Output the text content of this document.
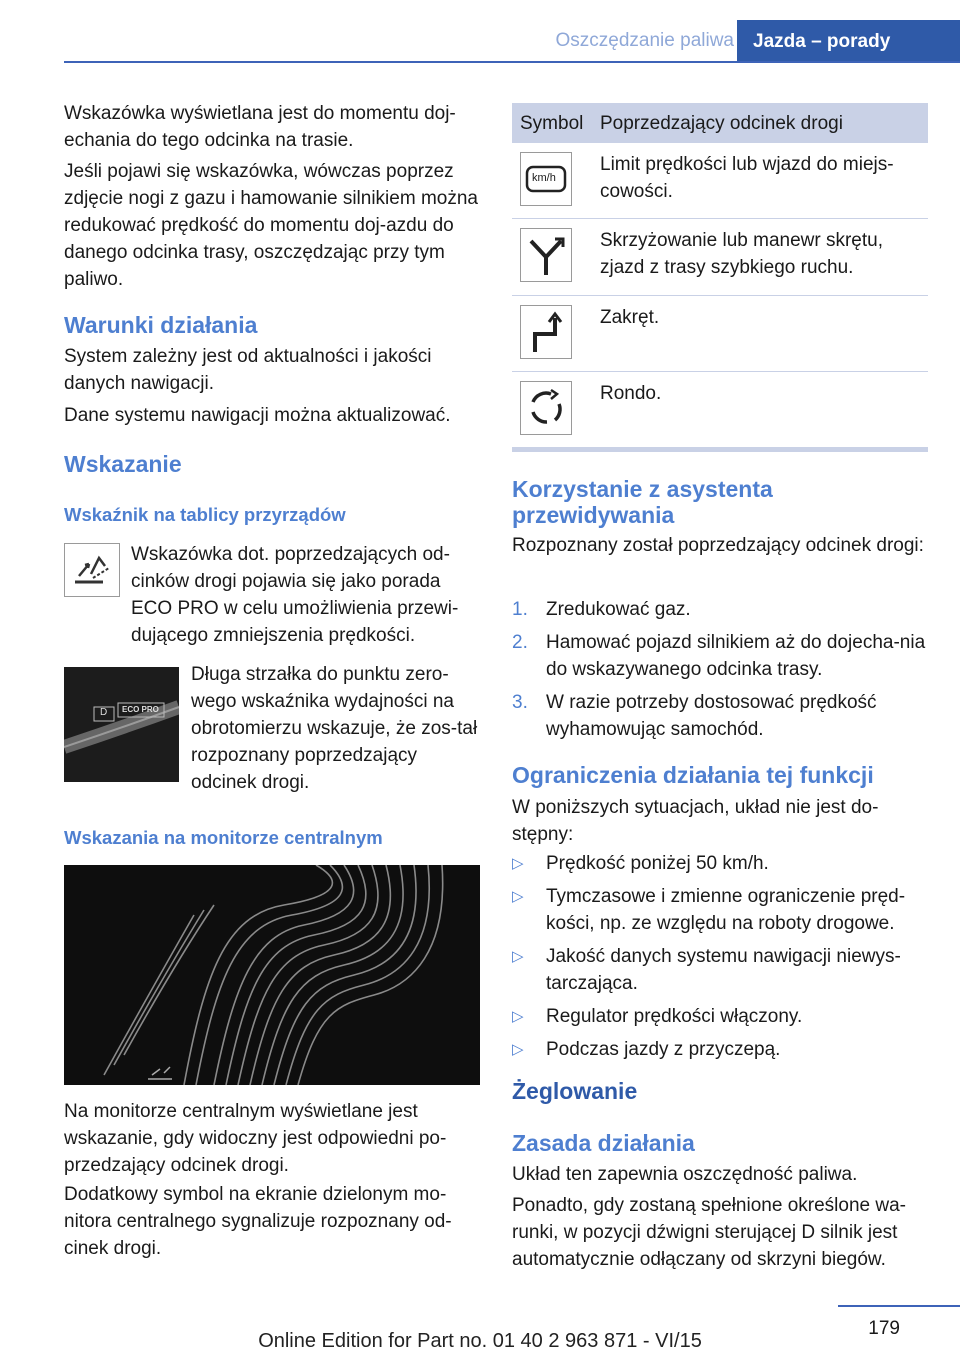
Oszczędzanie paliwa	Jazda – porady

Wskazówka wyświetlana jest do momentu doj‐echania do tego odcinka na trasie.

Jeśli pojawi się wskazówka, wówczas poprzez zdjęcie nogi z gazu i hamowanie silnikiem można redukować prędkość do momentu doj‐azdu do danego odcinka trasy, oszczędzając przy tym paliwo.

Warunki działania

System zależny jest od aktualności i jakości danych nawigacji.

Dane systemu nawigacji można aktualizować.

Wskazanie
Wskaźnik na tablicy przyrządów

Wskazówka dot. poprzedzających od‐cinków drogi pojawia się jako porada ECO PRO w celu umożliwienia przewi‐dującego zmniejszenia prędkości.

D ECO PRO

Długa strzałka do punktu zero‐wego wskaźnika wydajności na obrotomierzu wskazuje, że zos‐tał rozpoznany poprzedzający odcinek drogi.

Wskazania na monitorze centralnym

Na monitorze centralnym wyświetlane jest wskazanie, gdy widoczny jest odpowiedni po‐przedzający odcinek drogi.

Dodatkowy symbol na ekranie dzielonym mo‐nitora centralnego sygnalizuje rozpoznany od‐cinek drogi.

Symbol Poprzedzający odcinek drogi
km/h
Limit prędkości lub wjazd do miejs‐cowości.
Skrzyżowanie lub manewr skrętu, zjazd z trasy szybkiego ruchu.
Zakręt.
Rondo.
Korzystanie z asystenta przewidywania

Rozpoznany został poprzedzający odcinek drogi:

1. Zredukować gaz.
2. Hamować pojazd silnikiem aż do dojecha‐nia do wskazywanego odcinka trasy.
3. W razie potrzeby dostosować prędkość wyhamowując samochód.
Ograniczenia działania tej funkcji

W poniższych sytuacjach, układ nie jest do‐stępny:

▷ Prędkość poniżej 50 km/h.
▷ Tymczasowe i zmienne ograniczenie pręd‐kości, np. ze względu na roboty drogowe.
▷ Jakość danych systemu nawigacji niewys‐tarczająca.
▷ Regulator prędkości włączony.
▷ Podczas jazdy z przyczepą.
Żeglowanie
Zasada działania

Układ ten zapewnia oszczędność paliwa.

Ponadto, gdy zostaną spełnione określone wa‐runki, w pozycji dźwigni sterującej D silnik jest automatycznie odłączany od skrzyni biegów.

179
Online Edition for Part no. 01 40 2 963 871 - VI/15
